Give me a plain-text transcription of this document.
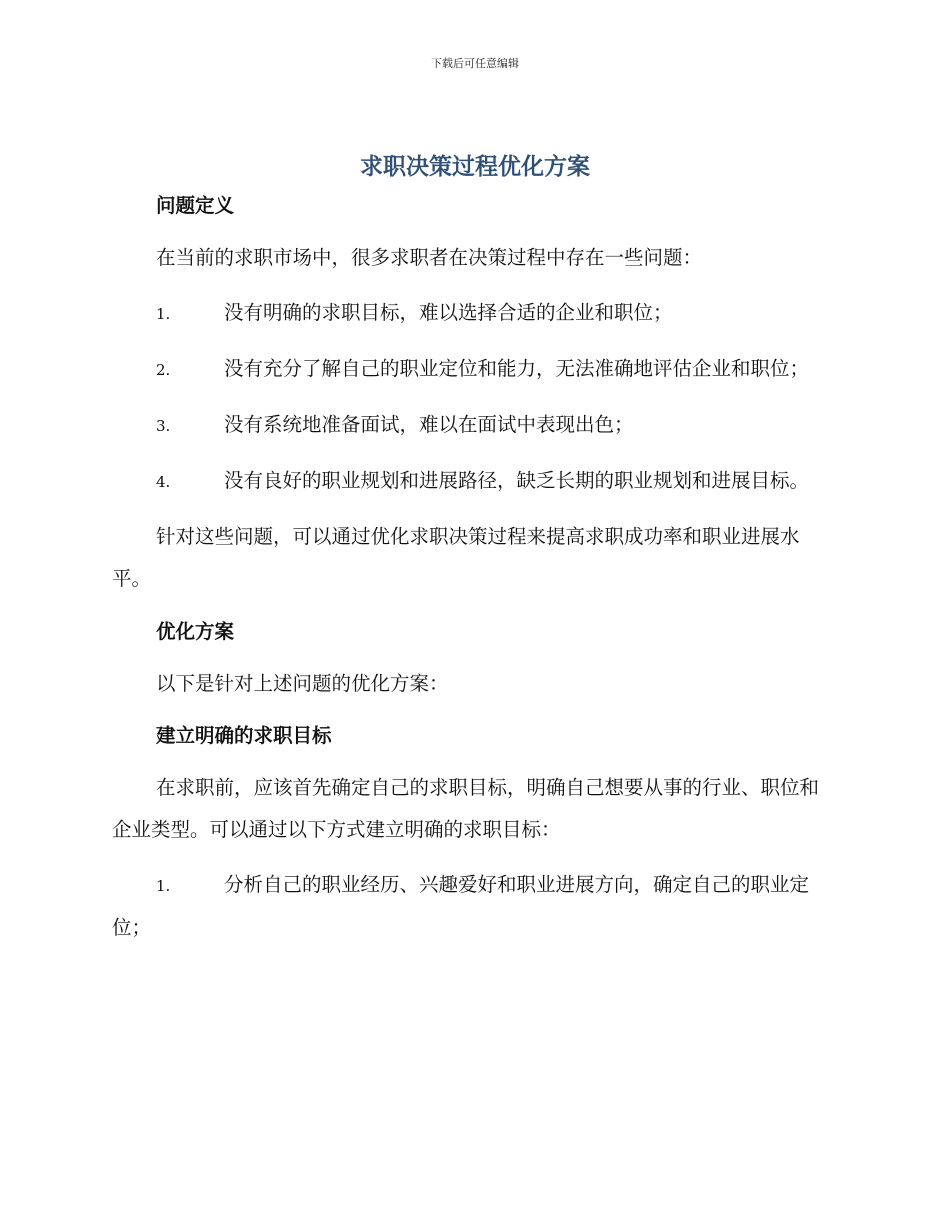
下载后可任意编辑
求职决策过程优化方案

问题定义

在当前的求职市场中，很多求职者在决策过程中存在一些问题：

1.	没有明确的求职目标，难以选择合适的企业和职位；

2.	没有充分了解自己的职业定位和能力，无法准确地评估企业和职位；

3.	没有系统地准备面试，难以在面试中表现出色；

4.	没有良好的职业规划和进展路径，缺乏长期的职业规划和进展目标。

针对这些问题，可以通过优化求职决策过程来提高求职成功率和职业进展水平。

优化方案

以下是针对上述问题的优化方案：

建立明确的求职目标

在求职前，应该首先确定自己的求职目标，明确自己想要从事的行业、职位和企业类型。可以通过以下方式建立明确的求职目标：

1.	分析自己的职业经历、兴趣爱好和职业进展方向，确定自己的职业定位；
